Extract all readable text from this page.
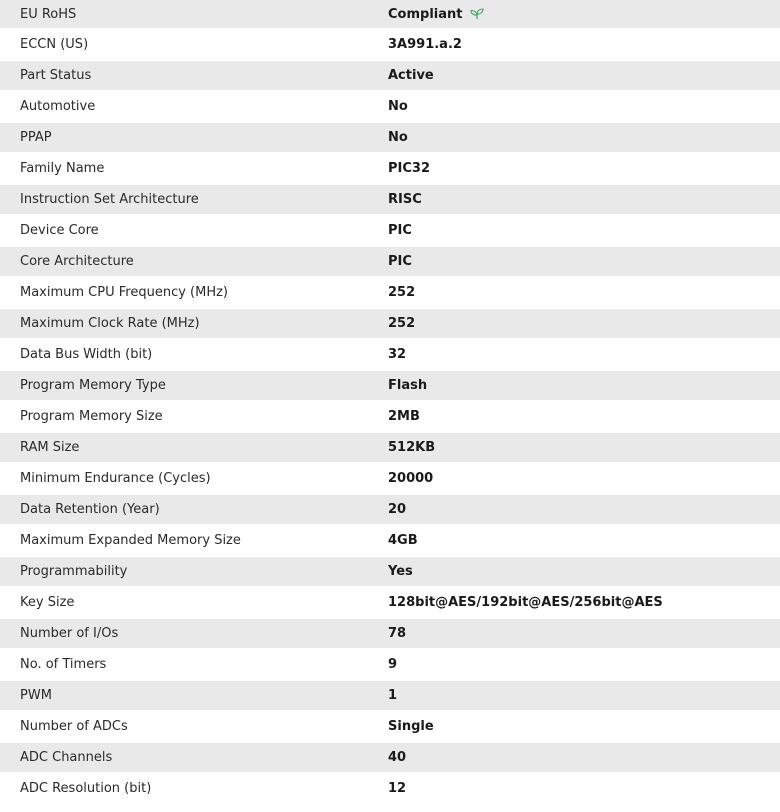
EU RoHS	Compliant
ECCN (US)	3A991.a.2
Part Status	Active
Automotive	No
PPAP	No
Family Name	PIC32
Instruction Set Architecture	RISC
Device Core	PIC
Core Architecture	PIC
Maximum CPU Frequency (MHz)	252
Maximum Clock Rate (MHz)	252
Data Bus Width (bit)	32
Program Memory Type	Flash
Program Memory Size	2MB
RAM Size	512KB
Minimum Endurance (Cycles)	20000
Data Retention (Year)	20
Maximum Expanded Memory Size	4GB
Programmability	Yes
Key Size	128bit@AES/192bit@AES/256bit@AES
Number of I/Os	78
No. of Timers	9
PWM	1
Number of ADCs	Single
ADC Channels	40
ADC Resolution (bit)	12
